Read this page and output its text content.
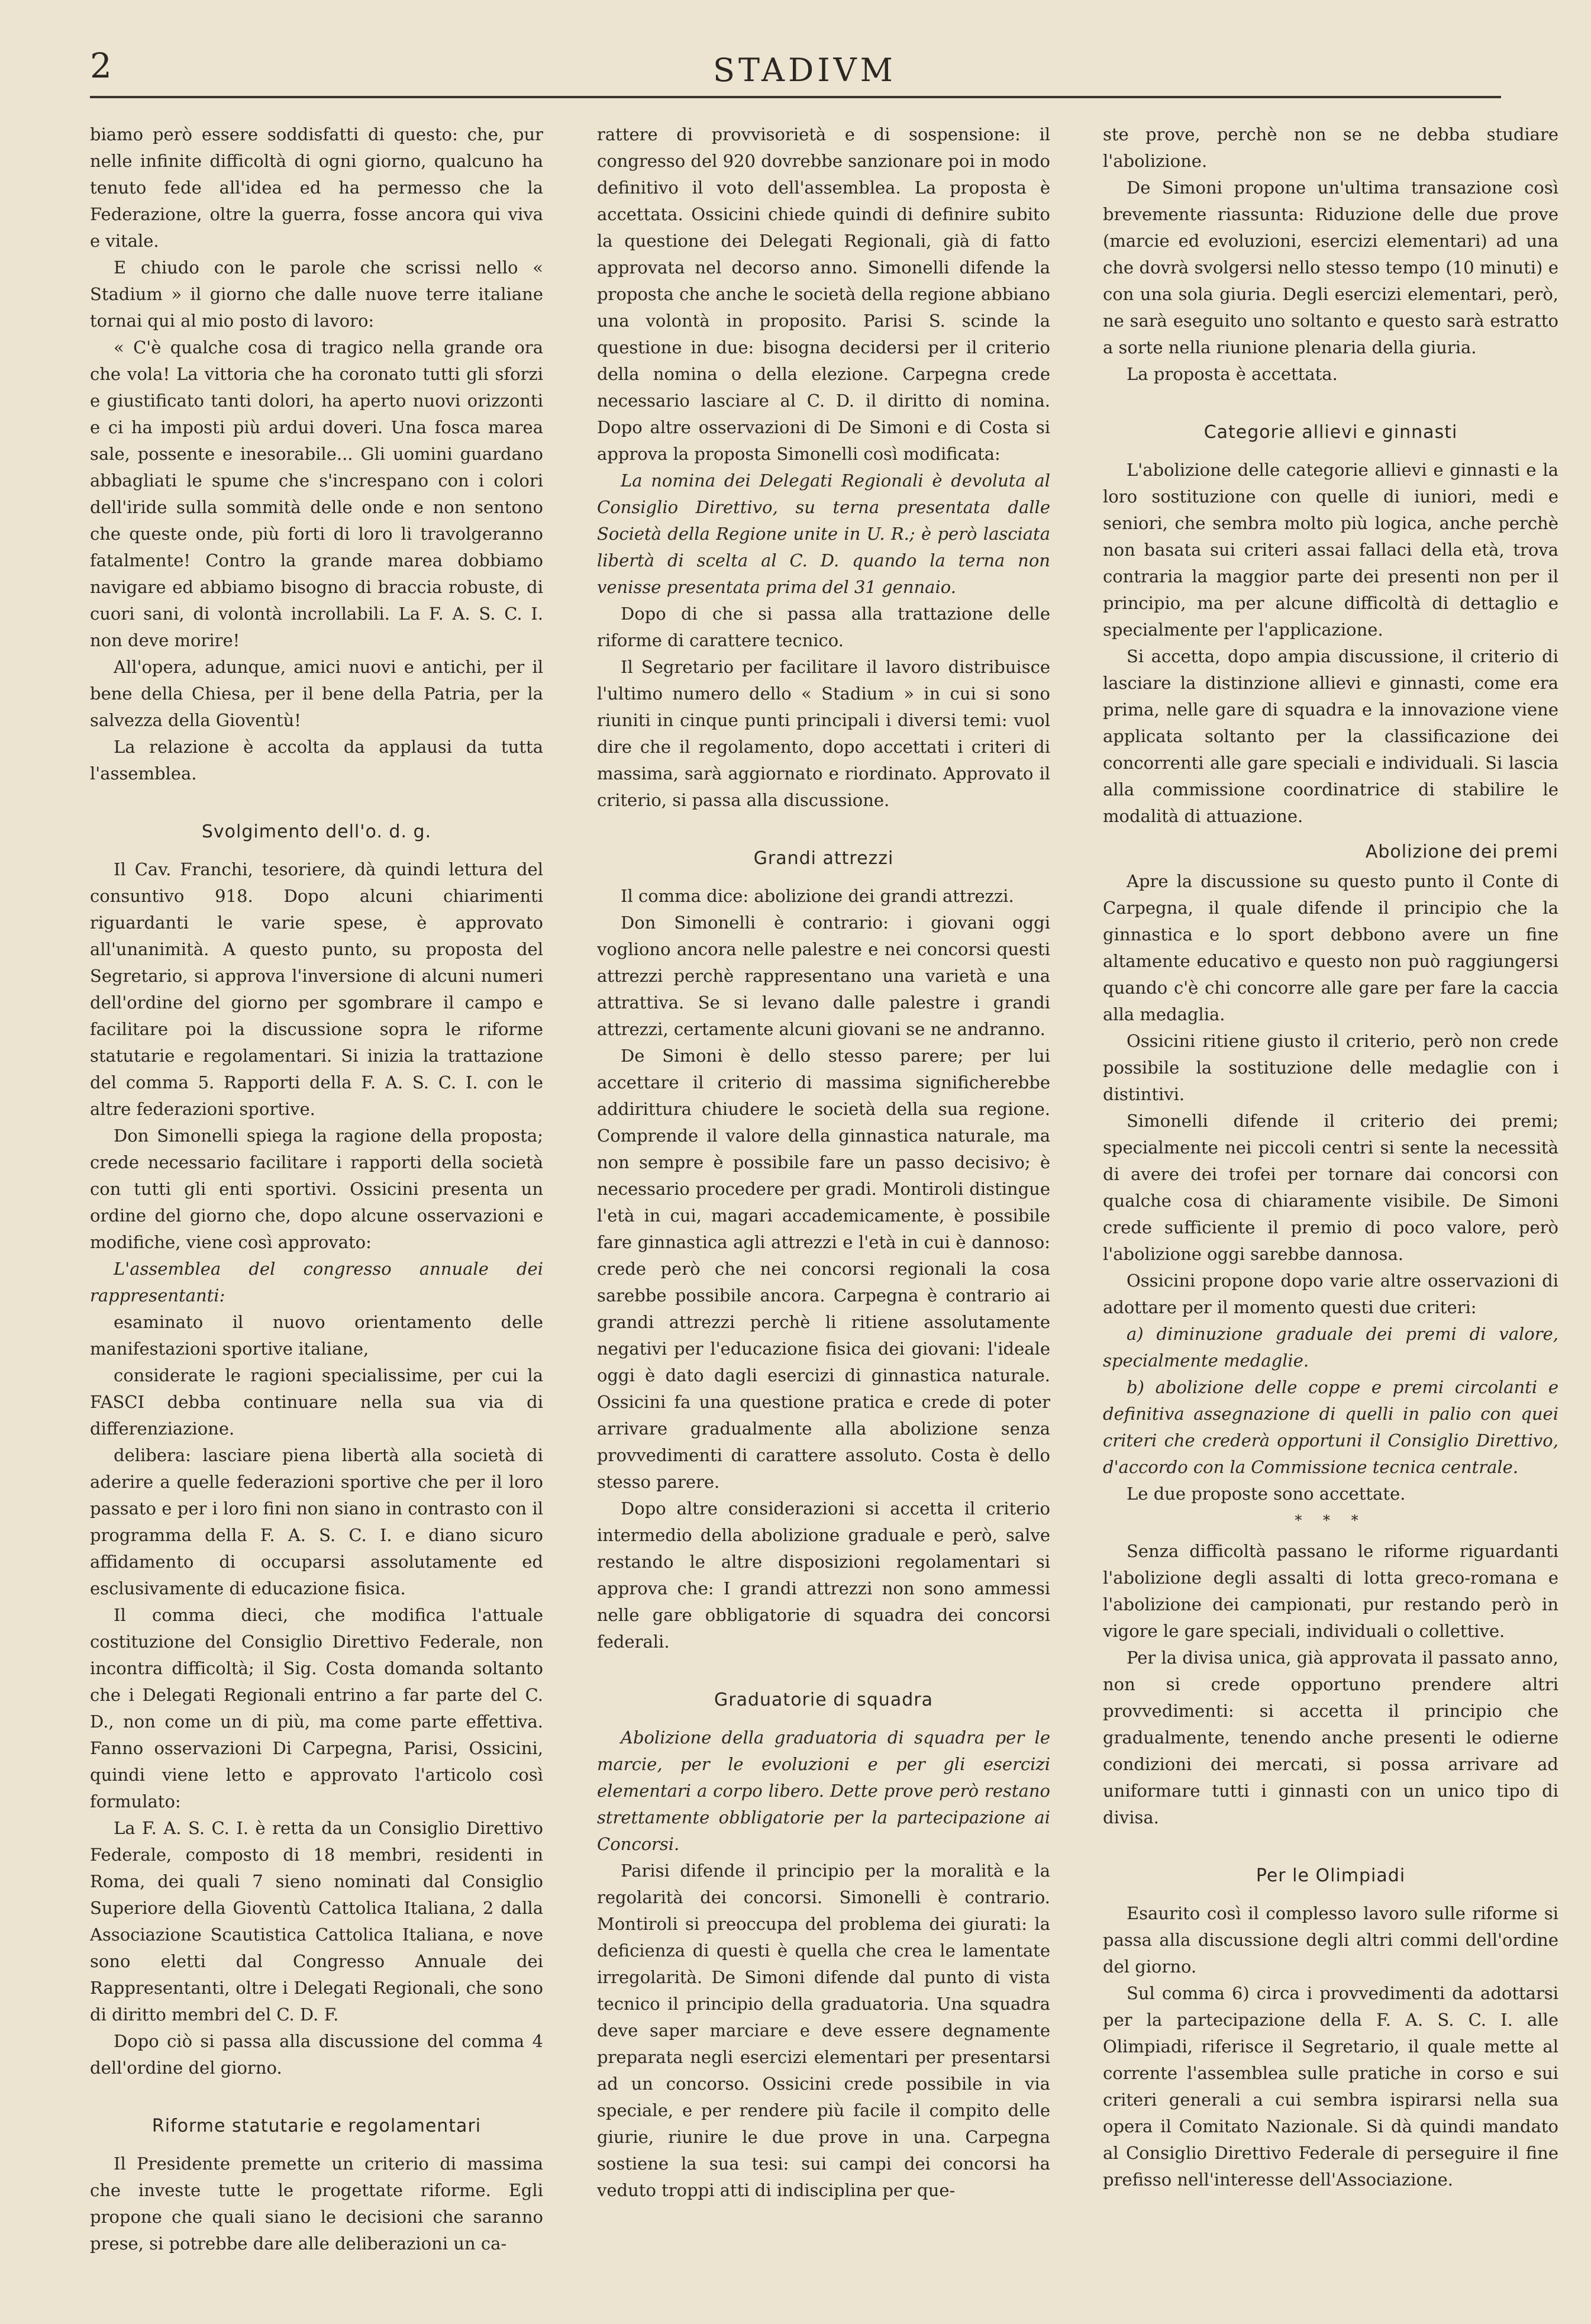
2	STADIVM

biamo però essere soddisfatti di questo: che, pur nelle infinite difficoltà di ogni giorno, qualcuno ha tenuto fede all'idea ed ha permesso che la Federazione, oltre la guerra, fosse ancora qui viva e vitale.

E chiudo con le parole che scrissi nello « Stadium » il giorno che dalle nuove terre italiane tornai qui al mio posto di lavoro:

« C'è qualche cosa di tragico nella grande ora che vola! La vittoria che ha coronato tutti gli sforzi e giustificato tanti dolori, ha aperto nuovi orizzonti e ci ha imposti più ardui doveri. Una fosca marea sale, possente e inesorabile... Gli uomini guardano abbagliati le spume che s'increspano con i colori dell'iride sulla sommità delle onde e non sentono che queste onde, più forti di loro li travolgeranno fatalmente! Contro la grande marea dobbiamo navigare ed abbiamo bisogno di braccia robuste, di cuori sani, di volontà incrollabili. La F. A. S. C. I. non deve morire!

All'opera, adunque, amici nuovi e antichi, per il bene della Chiesa, per il bene della Patria, per la salvezza della Gioventù!

La relazione è accolta da applausi da tutta l'assemblea.

Svolgimento dell'o. d. g.

Il Cav. Franchi, tesoriere, dà quindi lettura del consuntivo 918. Dopo alcuni chiarimenti riguardanti le varie spese, è approvato all'unanimità. A questo punto, su proposta del Segretario, si approva l'inversione di alcuni numeri dell'ordine del giorno per sgombrare il campo e facilitare poi la discussione sopra le riforme statutarie e regolamentari. Si inizia la trattazione del comma 5. Rapporti della F. A. S. C. I. con le altre federazioni sportive.

Don Simonelli spiega la ragione della proposta; crede necessario facilitare i rapporti della società con tutti gli enti sportivi. Ossicini presenta un ordine del giorno che, dopo alcune osservazioni e modifiche, viene così approvato:

L'assemblea del congresso annuale dei rappresentanti:

esaminato il nuovo orientamento delle manifestazioni sportive italiane,

considerate le ragioni specialissime, per cui la FASCI debba continuare nella sua via di differenziazione.

delibera: lasciare piena libertà alla società di aderire a quelle federazioni sportive che per il loro passato e per i loro fini non siano in contrasto con il programma della F. A. S. C. I. e diano sicuro affidamento di occuparsi assolutamente ed esclusivamente di educazione fisica.

Il comma dieci, che modifica l'attuale costituzione del Consiglio Direttivo Federale, non incontra difficoltà; il Sig. Costa domanda soltanto che i Delegati Regionali entrino a far parte del C. D., non come un di più, ma come parte effettiva. Fanno osservazioni Di Carpegna, Parisi, Ossicini, quindi viene letto e approvato l'articolo così formulato:

La F. A. S. C. I. è retta da un Consiglio Direttivo Federale, composto di 18 membri, residenti in Roma, dei quali 7 sieno nominati dal Consiglio Superiore della Gioventù Cattolica Italiana, 2 dalla Associazione Scautistica Cattolica Italiana, e nove sono eletti dal Congresso Annuale dei Rappresentanti, oltre i Delegati Regionali, che sono di diritto membri del C. D. F.

Dopo ciò si passa alla discussione del comma 4 dell'ordine del giorno.

Riforme statutarie e regolamentari

Il Presidente premette un criterio di massima che investe tutte le progettate riforme. Egli propone che quali siano le decisioni che saranno prese, si potrebbe dare alle deliberazioni un ca-

rattere di provvisorietà e di sospensione: il congresso del 920 dovrebbe sanzionare poi in modo definitivo il voto dell'assemblea. La proposta è accettata. Ossicini chiede quindi di definire subito la questione dei Delegati Regionali, già di fatto approvata nel decorso anno. Simonelli difende la proposta che anche le società della regione abbiano una volontà in proposito. Parisi S. scinde la questione in due: bisogna decidersi per il criterio della nomina o della elezione. Carpegna crede necessario lasciare al C. D. il diritto di nomina. Dopo altre osservazioni di De Simoni e di Costa si approva la proposta Simonelli così modificata:

La nomina dei Delegati Regionali è devoluta al Consiglio Direttivo, su terna presentata dalle Società della Regione unite in U. R.; è però lasciata libertà di scelta al C. D. quando la terna non venisse presentata prima del 31 gennaio.

Dopo di che si passa alla trattazione delle riforme di carattere tecnico.

Il Segretario per facilitare il lavoro distribuisce l'ultimo numero dello « Stadium » in cui si sono riuniti in cinque punti principali i diversi temi: vuol dire che il regolamento, dopo accettati i criteri di massima, sarà aggiornato e riordinato. Approvato il criterio, si passa alla discussione.

Grandi attrezzi

Il comma dice: abolizione dei grandi attrezzi.

Don Simonelli è contrario: i giovani oggi vogliono ancora nelle palestre e nei concorsi questi attrezzi perchè rappresentano una varietà e una attrattiva. Se si levano dalle palestre i grandi attrezzi, certamente alcuni giovani se ne andranno.

De Simoni è dello stesso parere; per lui accettare il criterio di massima significherebbe addirittura chiudere le società della sua regione. Comprende il valore della ginnastica naturale, ma non sempre è possibile fare un passo decisivo; è necessario procedere per gradi. Montiroli distingue l'età in cui, magari accademicamente, è possibile fare ginnastica agli attrezzi e l'età in cui è dannoso: crede però che nei concorsi regionali la cosa sarebbe possibile ancora. Carpegna è contrario ai grandi attrezzi perchè li ritiene assolutamente negativi per l'educazione fisica dei giovani: l'ideale oggi è dato dagli esercizi di ginnastica naturale. Ossicini fa una questione pratica e crede di poter arrivare gradualmente alla abolizione senza provvedimenti di carattere assoluto. Costa è dello stesso parere.

Dopo altre considerazioni si accetta il criterio intermedio della abolizione graduale e però, salve restando le altre disposizioni regolamentari si approva che: I grandi attrezzi non sono ammessi nelle gare obbligatorie di squadra dei concorsi federali.

Graduatorie di squadra

Abolizione della graduatoria di squadra per le marcie, per le evoluzioni e per gli esercizi elementari a corpo libero. Dette prove però restano strettamente obbligatorie per la partecipazione ai Concorsi.

Parisi difende il principio per la moralità e la regolarità dei concorsi. Simonelli è contrario. Montiroli si preoccupa del problema dei giurati: la deficienza di questi è quella che crea le lamentate irregolarità. De Simoni difende dal punto di vista tecnico il principio della graduatoria. Una squadra deve saper marciare e deve essere degnamente preparata negli esercizi elementari per presentarsi ad un concorso. Ossicini crede possibile in via speciale, e per rendere più facile il compito delle giurie, riunire le due prove in una. Carpegna sostiene la sua tesi: sui campi dei concorsi ha veduto troppi atti di indisciplina per que-

ste prove, perchè non se ne debba studiare l'abolizione.

De Simoni propone un'ultima transazione così brevemente riassunta: Riduzione delle due prove (marcie ed evoluzioni, esercizi elementari) ad una che dovrà svolgersi nello stesso tempo (10 minuti) e con una sola giuria. Degli esercizi elementari, però, ne sarà eseguito uno soltanto e questo sarà estratto a sorte nella riunione plenaria della giuria.

La proposta è accettata.

Categorie allievi e ginnasti

L'abolizione delle categorie allievi e ginnasti e la loro sostituzione con quelle di iuniori, medi e seniori, che sembra molto più logica, anche perchè non basata sui criteri assai fallaci della età, trova contraria la maggior parte dei presenti non per il principio, ma per alcune difficoltà di dettaglio e specialmente per l'applicazione.

Si accetta, dopo ampia discussione, il criterio di lasciare la distinzione allievi e ginnasti, come era prima, nelle gare di squadra e la innovazione viene applicata soltanto per la classificazione dei concorrenti alle gare speciali e individuali. Si lascia alla commissione coordinatrice di stabilire le modalità di attuazione.

Abolizione dei premi

Apre la discussione su questo punto il Conte di Carpegna, il quale difende il principio che la ginnastica e lo sport debbono avere un fine altamente educativo e questo non può raggiungersi quando c'è chi concorre alle gare per fare la caccia alla medaglia.

Ossicini ritiene giusto il criterio, però non crede possibile la sostituzione delle medaglie con i distintivi.

Simonelli difende il criterio dei premi; specialmente nei piccoli centri si sente la necessità di avere dei trofei per tornare dai concorsi con qualche cosa di chiaramente visibile. De Simoni crede sufficiente il premio di poco valore, però l'abolizione oggi sarebbe dannosa.

Ossicini propone dopo varie altre osservazioni di adottare per il momento questi due criteri:

a) diminuzione graduale dei premi di valore, specialmente medaglie.

b) abolizione delle coppe e premi circolanti e definitiva assegnazione di quelli in palio con quei criteri che crederà opportuni il Consiglio Direttivo, d'accordo con la Commissione tecnica centrale.

Le due proposte sono accettate.

* * *

Senza difficoltà passano le riforme riguardanti l'abolizione degli assalti di lotta greco-romana e l'abolizione dei campionati, pur restando però in vigore le gare speciali, individuali o collettive.

Per la divisa unica, già approvata il passato anno, non si crede opportuno prendere altri provvedimenti: si accetta il principio che gradualmente, tenendo anche presenti le odierne condizioni dei mercati, si possa arrivare ad uniformare tutti i ginnasti con un unico tipo di divisa.

Per le Olimpiadi

Esaurito così il complesso lavoro sulle riforme si passa alla discussione degli altri commi dell'ordine del giorno.

Sul comma 6) circa i provvedimenti da adottarsi per la partecipazione della F. A. S. C. I. alle Olimpiadi, riferisce il Segretario, il quale mette al corrente l'assemblea sulle pratiche in corso e sui criteri generali a cui sembra ispirarsi nella sua opera il Comitato Nazionale. Si dà quindi mandato al Consiglio Direttivo Federale di perseguire il fine prefisso nell'interesse dell'Associazione.
